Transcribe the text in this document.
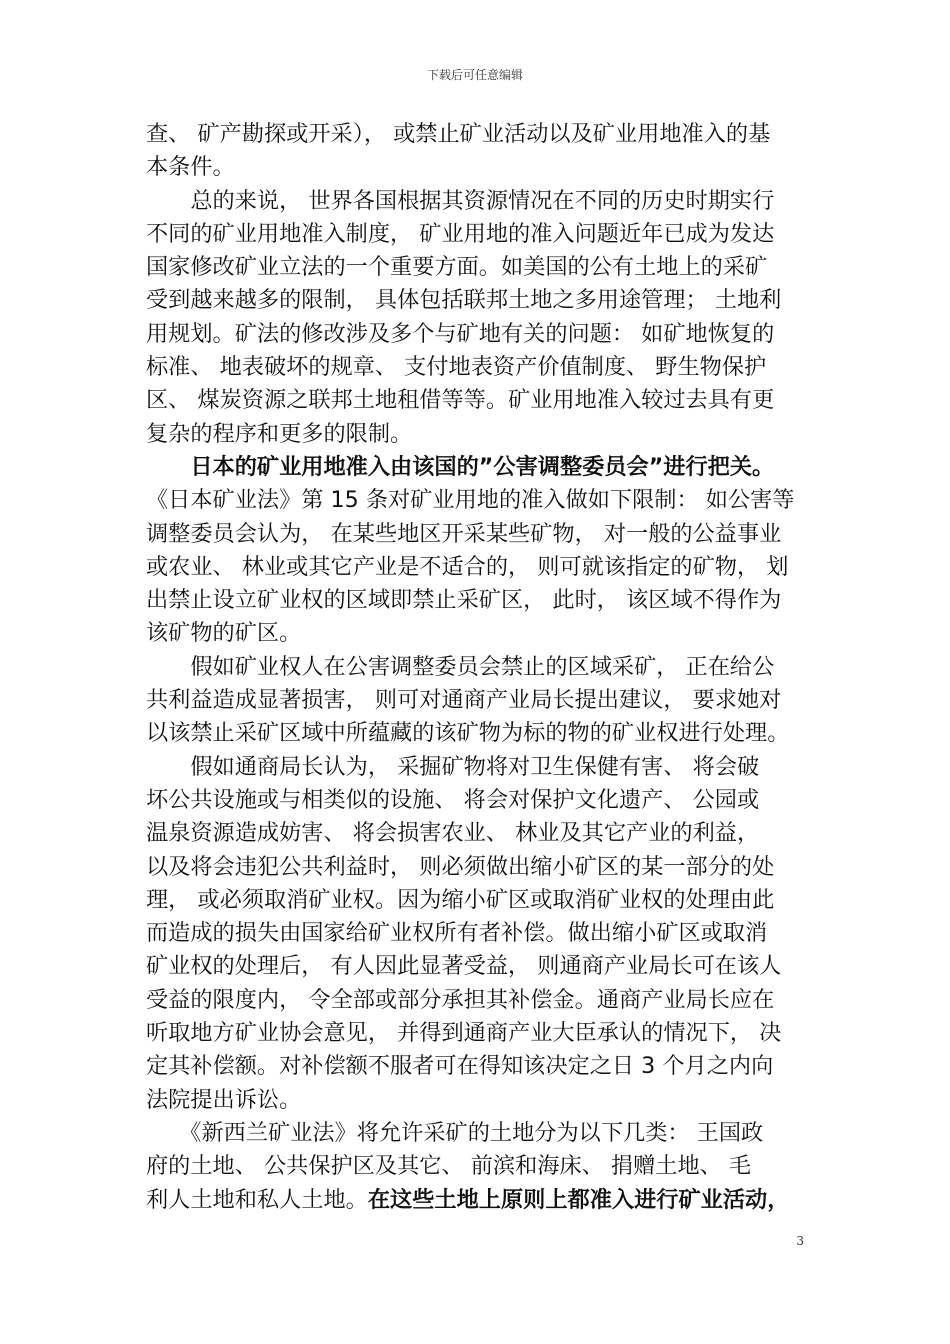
下载后可任意编辑
查、 矿产勘探或开采）， 或禁止矿业活动以及矿业用地准入的基
本条件。
　　总的来说， 世界各国根据其资源情况在不同的历史时期实行
不同的矿业用地准入制度， 矿业用地的准入问题近年已成为发达
国家修改矿业立法的一个重要方面。如美国的公有土地上的采矿
受到越来越多的限制， 具体包括联邦土地之多用途管理； 土地利
用规划。矿法的修改涉及多个与矿地有关的问题： 如矿地恢复的
标准、 地表破坏的规章、 支付地表资产价值制度、 野生物保护
区、 煤炭资源之联邦土地租借等等。矿业用地准入较过去具有更
复杂的程序和更多的限制。
　　日本的矿业用地准入由该国的”公害调整委员会”进行把关。
《日本矿业法》第 15 条对矿业用地的准入做如下限制： 如公害等
调整委员会认为， 在某些地区开采某些矿物， 对一般的公益事业
或农业、 林业或其它产业是不适合的， 则可就该指定的矿物， 划
出禁止设立矿业权的区域即禁止采矿区， 此时， 该区域不得作为
该矿物的矿区。
　　假如矿业权人在公害调整委员会禁止的区域采矿， 正在给公
共利益造成显著损害， 则可对通商产业局长提出建议， 要求她对
以该禁止采矿区域中所蕴藏的该矿物为标的物的矿业权进行处理。
　　假如通商局长认为， 采掘矿物将对卫生保健有害、 将会破
坏公共设施或与相类似的设施、 将会对保护文化遗产、 公园或
温泉资源造成妨害、 将会损害农业、 林业及其它产业的利益，
以及将会违犯公共利益时， 则必须做出缩小矿区的某一部分的处
理， 或必须取消矿业权。因为缩小矿区或取消矿业权的处理由此
而造成的损失由国家给矿业权所有者补偿。做出缩小矿区或取消
矿业权的处理后， 有人因此显著受益， 则通商产业局长可在该人
受益的限度内， 令全部或部分承担其补偿金。通商产业局长应在
听取地方矿业协会意见， 并得到通商产业大臣承认的情况下， 决
定其补偿额。对补偿额不服者可在得知该决定之日 3 个月之内向
法院提出诉讼。
　　《新西兰矿业法》将允许采矿的土地分为以下几类： 王国政
府的土地、 公共保护区及其它、 前滨和海床、 捐赠土地、 毛
利人土地和私人土地。在这些土地上原则上都准入进行矿业活动，
3
